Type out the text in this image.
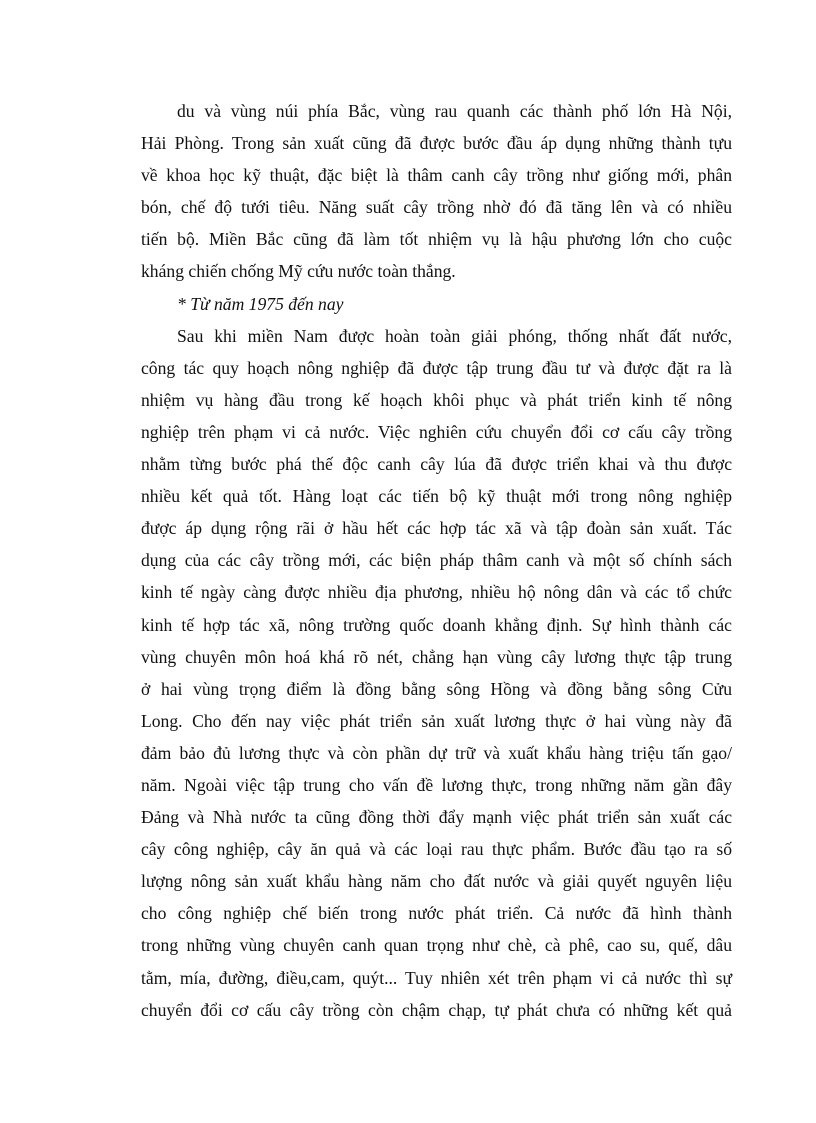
du và vùng núi phía Bắc, vùng rau quanh các thành phố lớn Hà Nội,
Hải Phòng. Trong sản xuất cũng đã được bước đầu áp dụng những thành tựu
về khoa học kỹ thuật, đặc biệt là thâm canh cây trồng như giống mới, phân
bón, chế độ tưới tiêu. Năng suất cây trồng nhờ đó đã tăng lên và có nhiều
tiến bộ. Miền Bắc cũng đã làm tốt nhiệm vụ là hậu phương lớn cho cuộc
kháng chiến chống Mỹ cứu nước toàn thắng.
* Từ năm 1975 đến nay
Sau khi miền Nam được hoàn toàn giải phóng, thống nhất đất nước,
công tác quy hoạch nông nghiệp đã được tập trung đầu tư và được đặt ra là
nhiệm vụ hàng đầu trong kế hoạch khôi phục và phát triển kinh tế nông
nghiệp trên phạm vi cả nước. Việc nghiên cứu chuyển đổi cơ cấu cây trồng
nhằm từng bước phá thế độc canh cây lúa đã được triển khai và thu được
nhiều kết quả tốt. Hàng loạt các tiến bộ kỹ thuật mới trong nông nghiệp
được áp dụng rộng rãi ở hầu hết các hợp tác xã và tập đoàn sản xuất. Tác
dụng của các cây trồng mới, các biện pháp thâm canh và một số chính sách
kinh tế ngày càng được nhiều địa phương, nhiều hộ nông dân và các tổ chức
kinh tế hợp tác xã, nông trường quốc doanh khẳng định. Sự hình thành các
vùng chuyên môn hoá khá rõ nét, chẳng hạn vùng cây lương thực tập trung
ở hai vùng trọng điểm là đồng bằng sông Hồng và đồng bằng sông Cửu
Long. Cho đến nay việc phát triển sản xuất lương thực ở hai vùng này đã
đảm bảo đủ lương thực và còn phần dự trữ và xuất khẩu hàng triệu tấn gạo/
năm. Ngoài việc tập trung cho vấn đề lương thực, trong những năm gần đây
Đảng và Nhà nước ta cũng đồng thời đẩy mạnh việc phát triển sản xuất các
cây công nghiệp, cây ăn quả và các loại rau thực phẩm. Bước đầu tạo ra số
lượng nông sản xuất khẩu hàng năm cho đất nước và giải quyết nguyên liệu
cho công nghiệp chế biến trong nước phát triển. Cả nước đã hình thành
trong những vùng chuyên canh quan trọng như chè, cà phê, cao su, quế, dâu
tằm, mía, đường, điều,cam, quýt... Tuy nhiên xét trên phạm vi cả nước thì sự
chuyển đổi cơ cấu cây trồng còn chậm chạp, tự phát chưa có những kết quả
